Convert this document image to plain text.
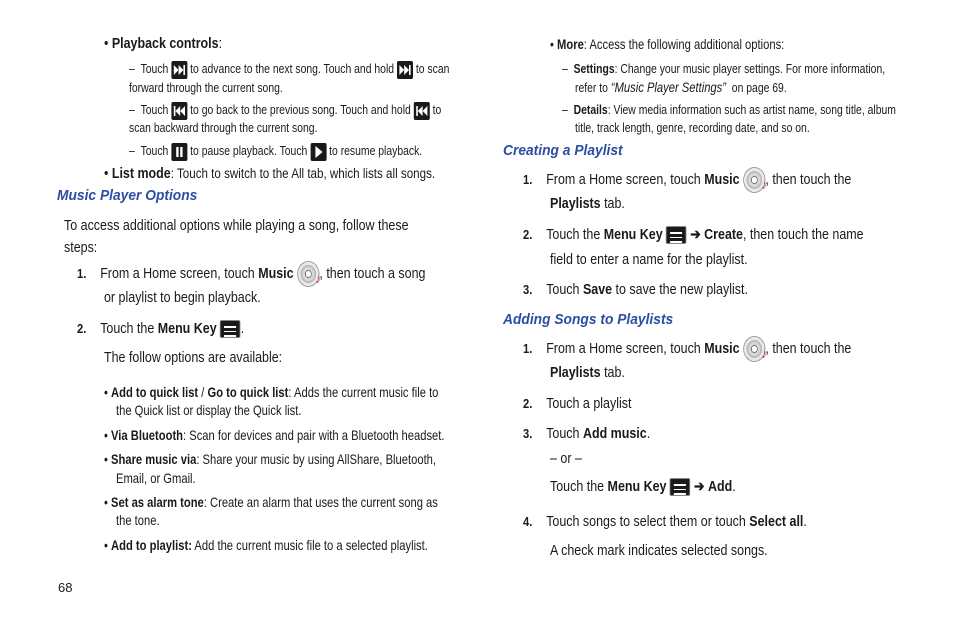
• Playback controls:
–  Touch to advance to the next song. Touch and hold to scan
forward through the current song.
–  Touch to go back to the previous song. Touch and hold to
scan backward through the current song.
–  Touch to pause playback. Touch to resume playback.
• List mode: Touch to switch to the All tab, which lists all songs.
Music Player Options
To access additional options while playing a song, follow these
steps:
1. From a Home screen, touch Music ♪ , then touch a song
or playlist to begin playback.
2. Touch the Menu Key .
The follow options are available:
• Add to quick list / Go to quick list: Adds the current music file to
the Quick list or display the Quick list.
• Via Bluetooth: Scan for devices and pair with a Bluetooth headset.
• Share music via: Share your music by using AllShare, Bluetooth,
Email, or Gmail.
• Set as alarm tone: Create an alarm that uses the current song as
the tone.
• Add to playlist: Add the current music file to a selected playlist.
68
• More: Access the following additional options:
–  Settings: Change your music player settings. For more information,
refer to “Music Player Settings” on page 69.
–  Details: View media information such as artist name, song title, album
title, track length, genre, recording date, and so on.
Creating a Playlist
1. From a Home screen, touch Music ♪ , then touch the
Playlists tab.
2. Touch the Menu Key ➔ Create, then touch the name
field to enter a name for the playlist.
3. Touch Save to save the new playlist.
Adding Songs to Playlists
1. From a Home screen, touch Music ♪ , then touch the
Playlists tab.
2. Touch a playlist
3. Touch Add music.
– or –
Touch the Menu Key ➔ Add.
4. Touch songs to select them or touch Select all.
A check mark indicates selected songs.
